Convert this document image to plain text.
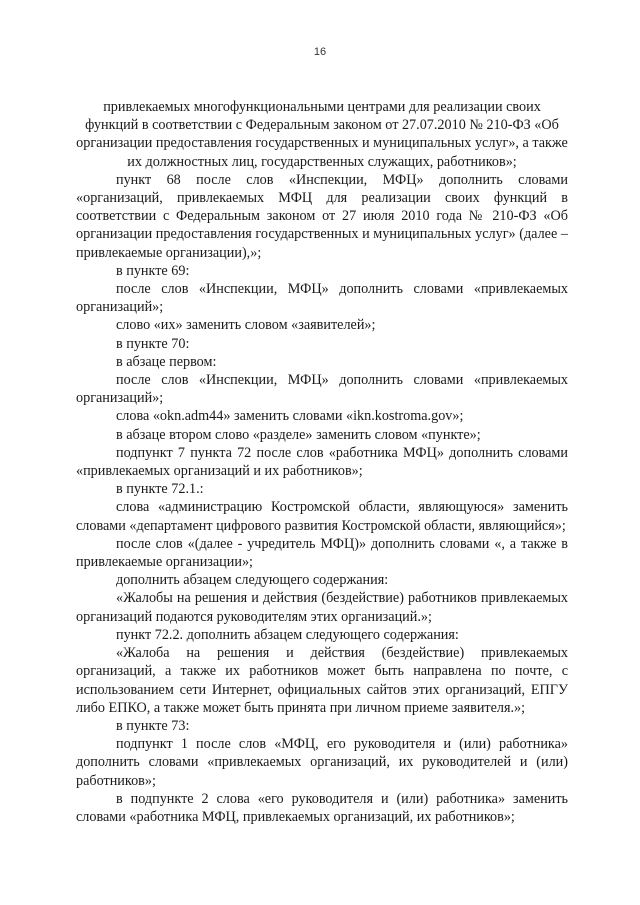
16

привлекаемых многофункциональными центрами для реализации своих функций в соответствии с Федеральным законом от 27.07.2010 № 210-ФЗ «Об организации предоставления государственных и муниципальных услуг», а также их должностных лиц, государственных служащих, работников»;

пункт 68 после слов «Инспекции, МФЦ» дополнить словами «организаций, привлекаемых МФЦ для реализации своих функций в соответствии с Федеральным законом от 27 июля 2010 года № 210-ФЗ «Об организации предоставления государственных и муниципальных услуг» (далее – привлекаемые организации),»;

в пункте 69:

после слов «Инспекции, МФЦ» дополнить словами «привлекаемых организаций»;

слово «их» заменить словом «заявителей»;

в пункте 70:

в абзаце первом:

после слов «Инспекции, МФЦ» дополнить словами «привлекаемых организаций»;

слова «okn.adm44» заменить словами «ikn.kostroma.gov»;

в абзаце втором слово «разделе» заменить словом «пункте»;

подпункт 7 пункта 72 после слов «работника МФЦ» дополнить словами «привлекаемых организаций и их работников»;

в пункте 72.1.:

слова «администрацию Костромской области, являющуюся» заменить словами «департамент цифрового развития Костромской области, являющийся»;

после слов «(далее - учредитель МФЦ)» дополнить словами «, а также в привлекаемые организации»;

дополнить абзацем следующего содержания:

«Жалобы на решения и действия (бездействие) работников привлекаемых организаций подаются руководителям этих организаций.»;

пункт 72.2. дополнить абзацем следующего содержания:

«Жалоба на решения и действия (бездействие) привлекаемых организаций, а также их работников может быть направлена по почте, с использованием сети Интернет, официальных сайтов этих организаций, ЕПГУ либо ЕПКО, а также может быть принята при личном приеме заявителя.»;

в пункте 73:

подпункт 1 после слов «МФЦ, его руководителя и (или) работника» дополнить словами «привлекаемых организаций, их руководителей и (или) работников»;

в подпункте 2 слова «его руководителя и (или) работника» заменить словами «работника МФЦ, привлекаемых организаций, их работников»;
